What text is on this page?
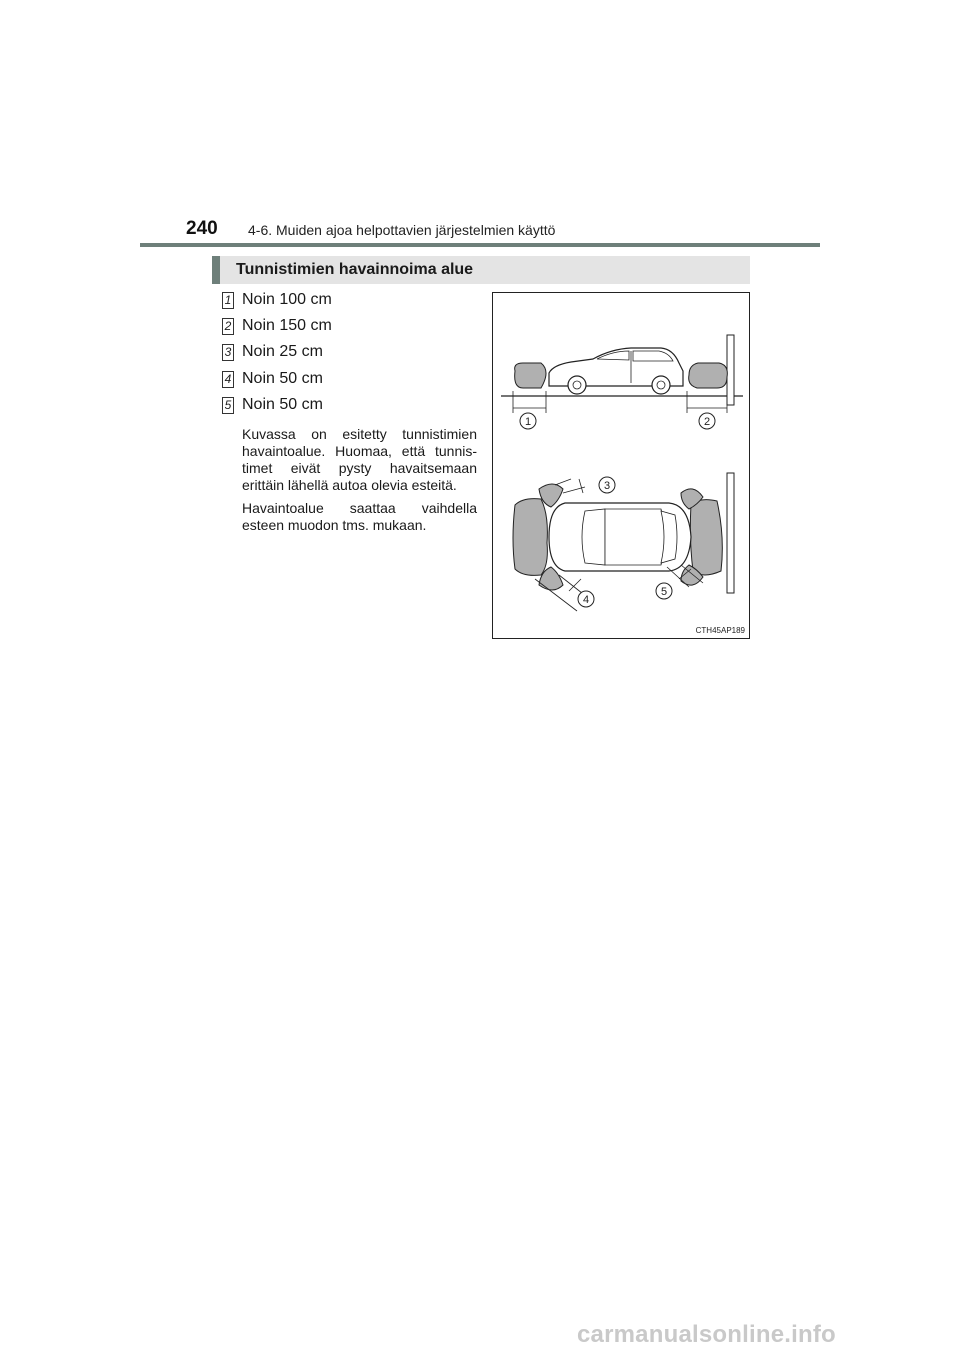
240 4-6. Muiden ajoa helpottavien järjestelmien käyttö
Tunnistimien havainnoima alue
1 Noin 100 cm
2 Noin 150 cm
3 Noin 25 cm
4 Noin 50 cm
5 Noin 50 cm
Kuvassa on esitetty tunnistimien havaintoalue. Huomaa, että tunnis-timet eivät pysty havaitsemaan erittäin lähellä autoa olevia esteitä.
Havaintoalue saattaa vaihdella esteen muodon tms. mukaan.
1	2
3
4
5
CTH45AP189
carmanualsonline.info
